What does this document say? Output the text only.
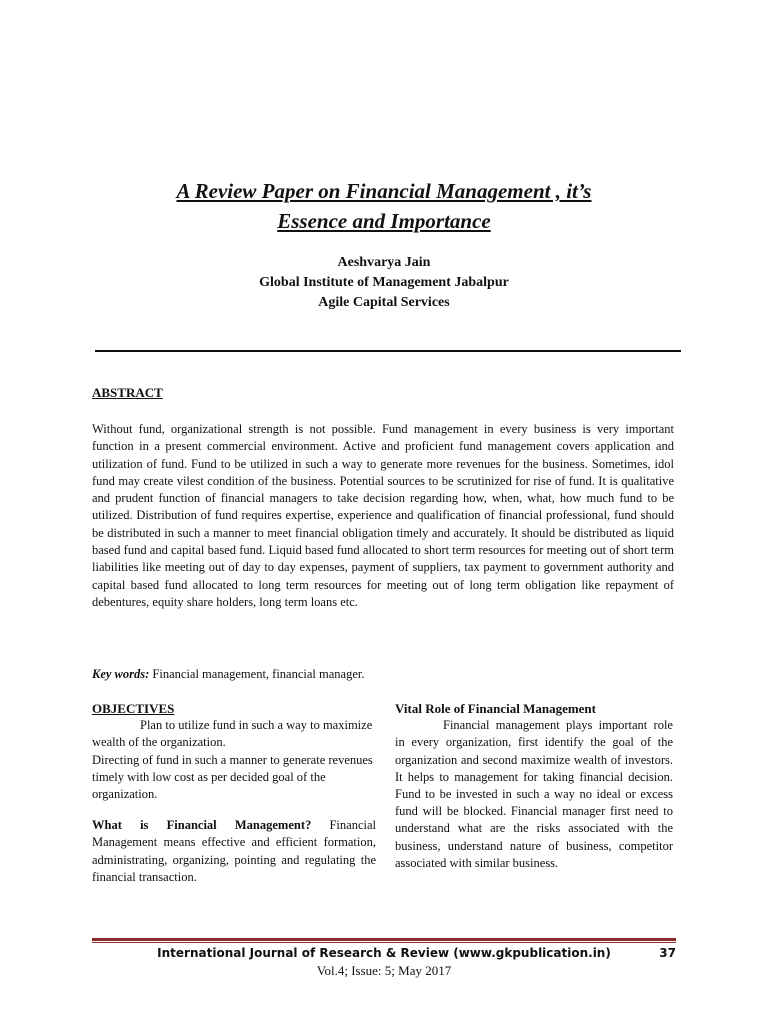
A Review Paper on Financial Management , it’s
Essence and Importance
Aeshvarya Jain
Global Institute of Management Jabalpur
Agile Capital Services
ABSTRACT

Without fund, organizational strength is not possible. Fund management in every business is very important function in a present commercial environment. Active and proficient fund management covers application and utilization of fund. Fund to be utilized in such a way to generate more revenues for the business. Sometimes, idol fund may create vilest condition of the business. Potential sources to be scrutinized for rise of fund. It is qualitative and prudent function of financial managers to take decision regarding how, when, what, how much fund to be utilized. Distribution of fund requires expertise, experience and qualification of financial professional, fund should be distributed in such a manner to meet financial obligation timely and accurately. It should be distributed as liquid based fund and capital based fund. Liquid based fund allocated to short term resources for meeting out of short term liabilities like meeting out of day to day expenses, payment of suppliers, tax payment to government authority and capital based fund allocated to long term resources for meeting out of long term obligation like repayment of debentures, equity share holders, long term loans etc.

Key words: Financial management, financial manager.

OBJECTIVES

Plan to utilize fund in such a way to maximize wealth of the organization.

Directing of fund in such a manner to generate revenues timely with low cost as per decided goal of the organization.

What is Financial Management? Financial Management means effective and efficient formation, administrating, organizing, pointing and regulating the financial transaction.

Vital Role of Financial Management

Financial management plays important role in every organization, first identify the goal of the organization and second maximize wealth of investors. It helps to management for taking financial decision. Fund to be invested in such a way no ideal or excess fund will be blocked. Financial manager first need to understand what are the risks associated with the business, understand nature of business, competitor associated with similar business.

International Journal of Research & Review (www.gkpublication.in)	37
Vol.4; Issue: 5; May 2017
